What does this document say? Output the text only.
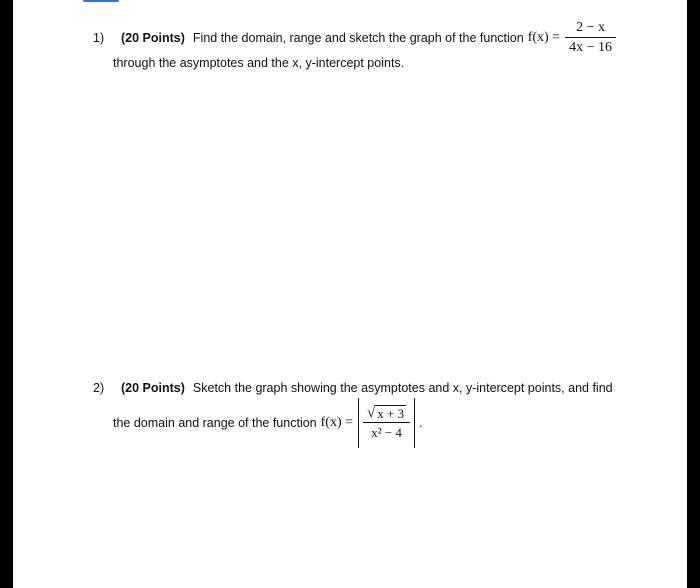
1)	(20 Points) Find the domain, range and sketch the graph of the function $f(x) = \frac{2 - x}{4x - 16}$
through the asymptotes and the x, y-intercept points.
2)	(20 Points) Sketch the graph showing the asymptotes and x, y-intercept points, and find
the domain and range of the function $f(x) = \frac{√ x + 3}{\text{x² − 4}}$ .
